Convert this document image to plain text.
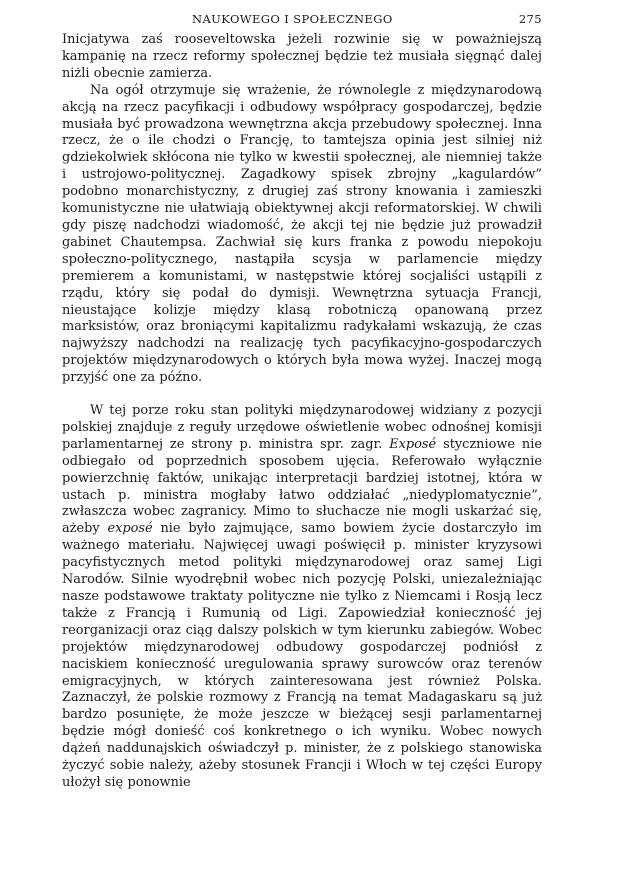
NAUKOWEGO I SPOŁECZNEGO	275

Inicjatywa zaś rooseveltowska jeżeli rozwinie się w poważniejszą kampanię na rzecz reformy społecznej będzie też musiała sięgnąć dalej niżli obecnie zamierza.

Na ogół otrzymuje się wrażenie, że równolegle z międzynarodową akcją na rzecz pacyfikacji i odbudowy współpracy gospodarczej, będzie musiała być prowadzona wewnętrzna akcja przebudowy społecznej. Inna rzecz, że o ile chodzi o Francję, to tamtejsza opinia jest silniej niż gdziekolwiek skłócona nie tylko w kwestii społecznej, ale niemniej także i ustrojowo-politycznej. Zagadkowy spisek zbrojny „kagulardów” podobno monarchistyczny, z drugiej zaś strony knowania i zamieszki komunistyczne nie ułatwiają obiektywnej akcji reformatorskiej. W chwili gdy piszę nadchodzi wiadomość, że akcji tej nie będzie już prowadził gabinet Chautempsa. Zachwiał się kurs franka z powodu niepokoju społeczno-politycznego, nastąpiła scysja w parlamencie między premierem a komunistami, w następstwie której socjaliści ustąpili z rządu, który się podał do dymisji. Wewnętrzna sytuacja Francji, nieustające kolizje między klasą robotniczą opanowaną przez marksistów, oraz broniącymi kapitalizmu radykałami wskazują, że czas najwyższy nadchodzi na realizację tych pacyfikacyjno-gospodarczych projektów międzynarodowych o których była mowa wyżej. Inaczej mogą przyjść one za późno.

W tej porze roku stan polityki międzynarodowej widziany z pozycji polskiej znajduje z reguły urzędowe oświetlenie wobec odnośnej komisji parlamentarnej ze strony p. ministra spr. zagr. Exposé styczniowe nie odbiegało od poprzednich sposobem ujęcia. Referowało wyłącznie powierzchnię faktów, unikając interpretacji bardziej istotnej, która w ustach p. ministra mogłaby łatwo oddziałać „niedyplomatycznie”, zwłaszcza wobec zagranicy. Mimo to słuchacze nie mogli uskarżać się, ażeby exposé nie było zajmujące, samo bowiem życie dostarczyło im ważnego materiału. Najwięcej uwagi poświęcił p. minister kryzysowi pacyfistycznych metod polityki międzynarodowej oraz samej Ligi Narodów. Silnie wyodrębnił wobec nich pozycję Polski, uniezależniając nasze podstawowe traktaty polityczne nie tylko z Niemcami i Rosją lecz także z Francją i Rumunią od Ligi. Zapowiedział konieczność jej reorganizacji oraz ciąg dalszy polskich w tym kierunku zabiegów. Wobec projektów międzynarodowej odbudowy gospodarczej podniósł z naciskiem konieczność uregulowania sprawy surowców oraz terenów emigracyjnych, w których zainteresowana jest również Polska. Zaznaczył, że polskie rozmowy z Francją na temat Madagaskaru są już bardzo posunięte, że może jeszcze w bieżącej sesji parlamentarnej będzie mógł donieść coś konkretnego o ich wyniku. Wobec nowych dążeń naddunajskich oświadczył p. minister, że z polskiego stanowiska życzyć sobie należy, ażeby stosunek Francji i Włoch w tej części Europy ułożył się ponownie
